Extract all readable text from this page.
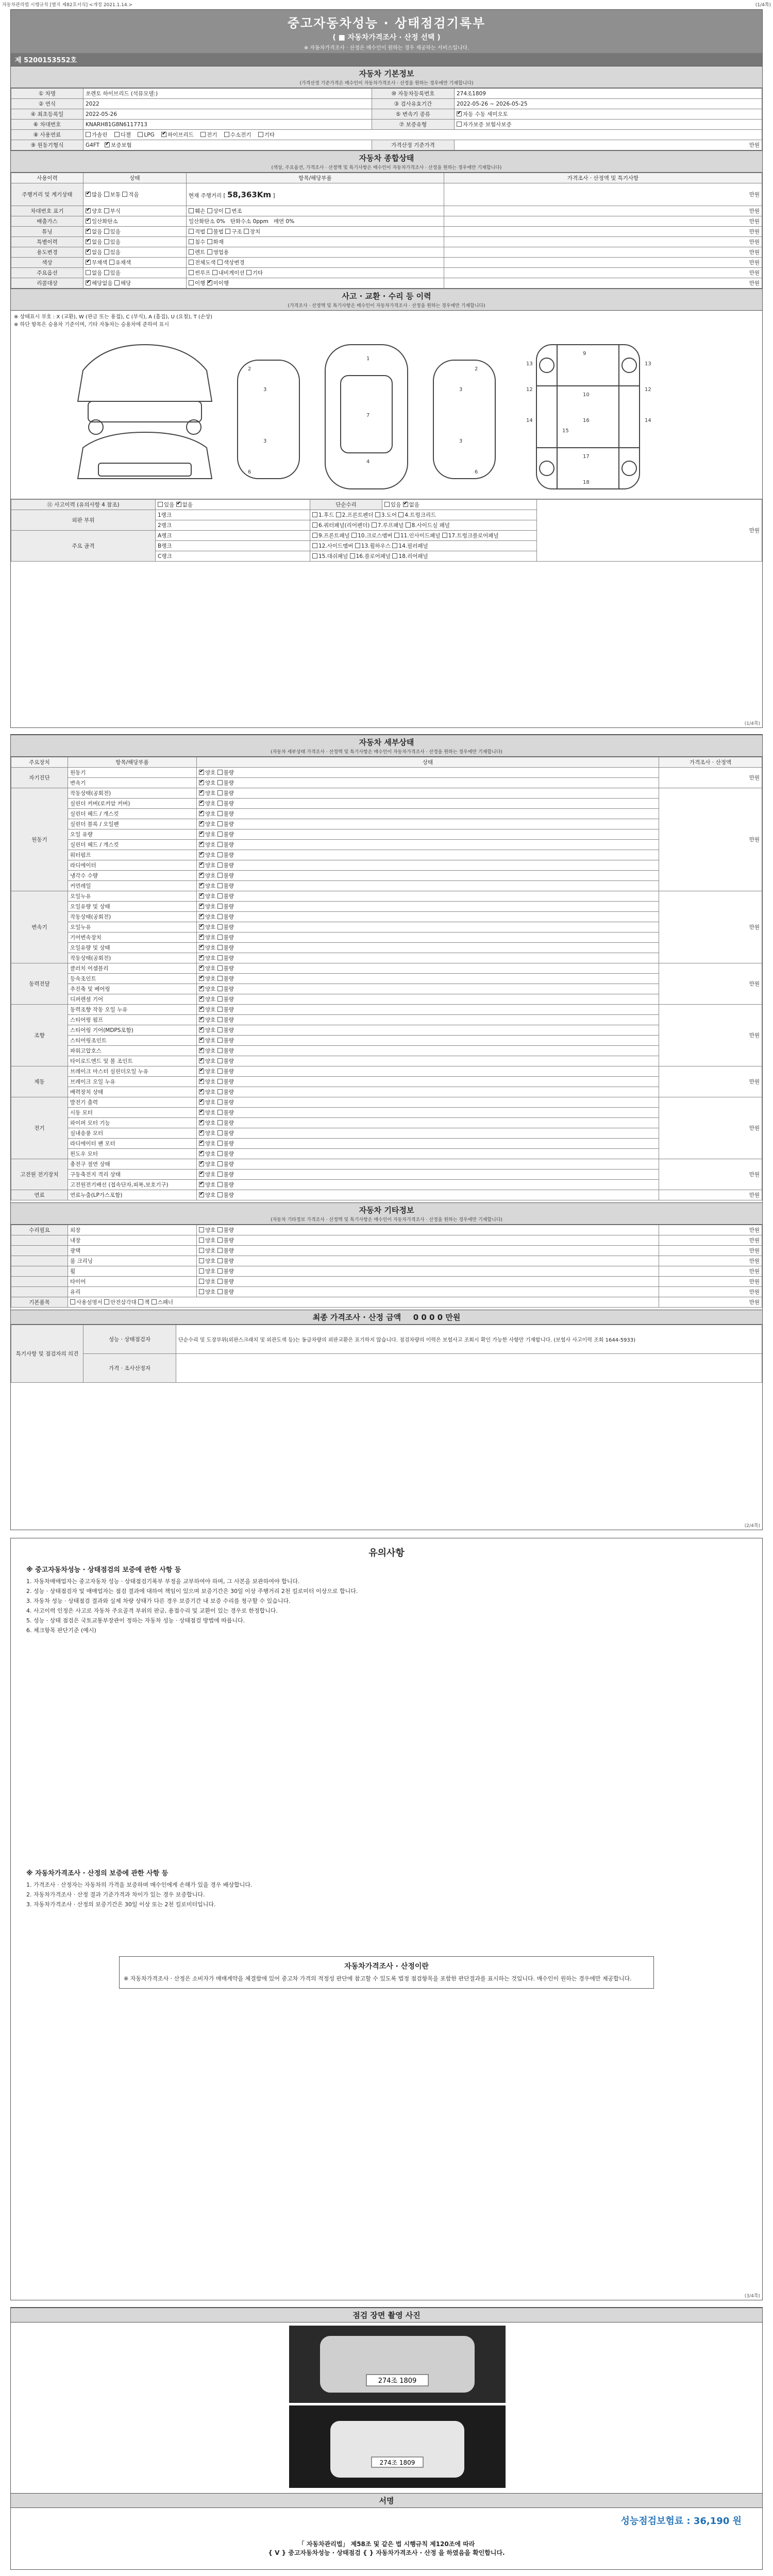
자동차관리법 시행규칙 [별지 제82호서식] <개정 2021.1.14.>	(1/4쪽)
중고자동차성능 · 상태점검기록부
( ■ 자동차가격조사 · 산정 선택 )
※ 자동차가격조사 · 산정은 매수인이 원하는 경우 제공하는 서비스입니다.
제 5200153552호
자동차 기본정보
(가격산정 기준가격은 매수인이 자동차가격조사 · 산정을 원하는 경우에만 기재합니다)
① 차명	쏘렌토 하이브리드 (석뮤모델:)	⑩ 자동차등록번호	274조1809
② 연식	2022	③ 검사유효기간	2022-05-26 ~ 2026-05-25
④ 최초등록일	2022-05-26	⑤ 변속기 종류	✔자동 수동 세미오토
⑥ 차대번호	KNARH81G8N6117713	⑦ 보증유형	자가보증 보험사보증
⑧ 사용연료	가솔린 디젤 LPG ✔ 하이브리드 전기 수소전기 기타
⑨ 원동기형식	G4FT ✔ 보증보험	가격산정 기준가격	만원
자동차 종합상태
(색상, 주요옵션, 가격조사 · 산정액 및 특기사항은 매수인이 자동차가격조사 · 산정을 원하는 경우에만 기재합니다)
사용이력	상태	항목/해당부품	가격조사 · 산정액 및 특기사항
주행거리 및 계기상태	✔많음 보통 적음	현재 주행거리 [ 58,363Km ]	만원
차대번호 표기	✔양호 부식	훼손 상이 변조	만원
배출가스	✔일산화탄소	일산화탄소 0% 탄화수소 0ppm 매연 0%	만원
튜닝	✔없음 있음	적법 불법 구조 장치	만원
특별이력	✔없음 있음	침수 화재	만원
용도변경	✔없음 있음	렌트 영업용	만원
색상	✔무채색 유채색	전체도색 색상변경	만원
주요옵션	없음 있음	썬루프 내비게이션 기타	만원
리콜대상	✔해당없음 해당	이행 ✔미이행	만원
사고 · 교환 · 수리 등 이력
(가격조사 · 산정액 및 특기사항은 매수인이 자동차가격조사 · 산정을 원하는 경우에만 기재합니다)
※ 상태표시 부호 : X (교환), W (판금 또는 용접), C (부식), A (흠집), U (요철), T (손상)
※ 하단 항목은 승용차 기준이며, 기타 자동차는 승용차에 준하여 표시
1
4
7
3
3
3
3
2	2
6	6
9
10
16
18
13	13
14	14
12	12
17
15
⑪ 사고이력 (유의사항 4 참조)	있음 ✔ 없음	단순수리	있음 ✔ 없음	만원
외판 부위	1랭크	1.후드 2.프론트펜더 3.도어 4.트렁크리드		
	2랭크	6.쿼터패널(리어펜더) 7.루프패널 8.사이드실 패널		
주요 골격	A랭크	9.프론트패널 10.크로스멤버 11.인사이드패널 17.트렁크플로어패널		
	B랭크	12.사이드멤버 13.휠하우스 14.필러패널		
	C랭크	15.대쉬패널 16.플로어패널 18.리어패널		
(1/4쪽)
자동차 세부상태
(자동차 세부상태 가격조사 · 산정액 및 특기사항은 매수인이 자동차가격조사 · 산정을 원하는 경우에만 기재합니다)
주요장치	항목/해당부품	상태	가격조사 · 산정액
자기진단	원동기	✔양호 불량	만원
	변속기	✔양호 불량
원동기	작동상태(공회전)	✔양호 불량	만원
	실린더 커버(로커암 커버)	✔양호 불량
	실린더 헤드 / 개스킷	✔양호 불량
	실린더 블록 / 오일팬	✔양호 불량
	오일 유량	✔양호 불량
	실린더 헤드 / 개스킷	✔양호 불량
	워터펌프	✔양호 불량
	라디에이터	✔양호 불량
	냉각수 수량	✔양호 불량
	커먼레일	✔양호 불량
변속기	오일누유	✔양호 불량	만원
	오일유량 및 상태	✔양호 불량
	작동상태(공회전)	✔양호 불량
	오일누유	✔양호 불량
	기어변속장치	✔양호 불량
	오일유량 및 상태	✔양호 불량
	작동상태(공회전)	✔양호 불량
동력전달	클러치 어셈블리	✔양호 불량	만원
	등속조인트	✔양호 불량
	추진축 및 베어링	✔양호 불량
	디퍼렌셜 기어	✔양호 불량
조향	동력조향 작동 오일 누유	✔양호 불량	만원
	스티어링 펌프	✔양호 불량
	스티어링 기어(MDPS포함)	✔양호 불량
	스티어링조인트	✔양호 불량
	파워고압호스	✔양호 불량
	타이로드엔드 및 볼 조인트	✔양호 불량
제동	브레이크 마스터 실린더오일 누유	✔양호 불량	만원
	브레이크 오일 누유	✔양호 불량
	배력장치 상태	✔양호 불량
전기	발전기 출력	✔양호 불량	만원
	시동 모터	✔양호 불량
	와이퍼 모터 기능	✔양호 불량
	실내송풍 모터	✔양호 불량
	라디에이터 팬 모터	✔양호 불량
	윈도우 모터	✔양호 불량
고전원 전기장치	충전구 절연 상태	✔양호 불량	만원
	구동축전지 격리 상태	✔양호 불량
	고전원전기배선 (접속단자,피복,보호기구)	✔양호 불량
연료	연료누출(LP가스포함)	✔양호 불량	만원
자동차 기타정보
(자동차 기타정보 가격조사 · 산정액 및 특기사항은 매수인이 자동차가격조사 · 산정을 원하는 경우에만 기재합니다)
수리필요	외장	양호 불량	만원
	내장	양호 불량	만원
	광택	양호 불량	만원
	룸 크리닝	양호 불량	만원
	휠	양호 불량	만원
	타이어	양호 불량	만원
	유리	양호 불량	만원
기본품목	사용설명서 안전삼각대 잭 스패너		만원
최종 가격조사 · 산정 금액 0 0 0 0 만원
특기사항 및 점검자의 의견	성능 · 상태점검자	단순수리 및 도장부위(외판스크래치 및 외관도색 등)는 동급차량의 외판교환은 표기하지 않습니다. 점검차량의 이력은 보험사고 조회시 확인 가능한 사항만 기재합니다. (보험사 사고이력 조회 1644-5933)
	가격 · 조사산정자	
(2/4쪽)
유의사항
※ 중고자동차성능 · 상태점검의 보증에 관한 사항 등

1. 자동차매매업자는 중고자동차 성능 · 상태점검기록부 부정을 교부하여야 하며, 그 사본을 보관하여야 합니다.

2. 성능 · 상태점검자 및 매매업자는 점검 결과에 대하여 책임이 있으며 보증기간은 30일 이상 주행거리 2천 킬로미터 이상으로 합니다.

3. 자동차 성능 · 상태점검 결과와 실제 차량 상태가 다른 경우 보증기간 내 보증 수리를 청구할 수 있습니다.

4. 사고이력 인정은 사고로 자동차 주요골격 부위의 판금, 용접수리 및 교환이 있는 경우로 한정합니다.

5. 성능 · 상태 점검은 국토교통부장관이 정하는 자동차 성능 · 상태점검 방법에 따릅니다.

6. 체크항목 판단기준 (예시)

※ 자동차가격조사 · 산정의 보증에 관한 사항 등

1. 가격조사 · 산정자는 자동차의 가격을 보증하며 매수인에게 손해가 있을 경우 배상합니다.

2. 자동차가격조사 · 산정 결과 기준가격과 차이가 있는 경우 보증합니다.

3. 자동차가격조사 · 산정의 보증기간은 30일 이상 또는 2천 킬로미터입니다.

자동차가격조사 · 산정이란

※ 자동차가격조사 · 산정은 소비자가 매매계약을 체결함에 있어 중고차 가격의 적정성 판단에 참고할 수 있도록 법정 점검항목을 포함한 판단결과를 표시하는 것입니다. 매수인이 원하는 경우에만 제공합니다.

(3/4쪽)
점검 장면 촬영 사진
274조 1809
274조 1809
서명
성능점검보험료 : 36,190 원
「 자동차관리법」 제58조 및 같은 법 시행규칙 제120조에 따라
{ V } 중고자동차성능 · 상태점검 { } 자동차가격조사 · 산정 을 하였음을 확인합니다.
